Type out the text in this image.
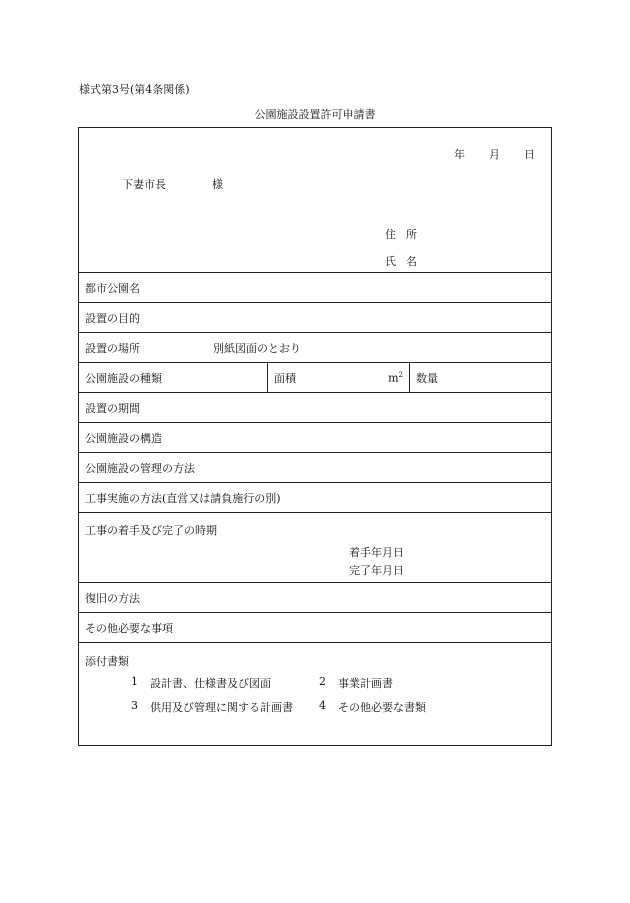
様式第3号(第4条関係)
公園施設設置許可申請書
年 月 日
下妻市長	様
住所
氏名
都市公園名
設置の目的
設置の場所	別紙図面のとおり
公園施設の種類	面積	$m^2$ 数量
設置の期間
公園施設の構造
公園施設の管理の方法
工事実施の方法(直営又は請負施行の別)
工事の着手及び完了の時期
着手年月日
完了年月日
復旧の方法
その他必要な事項
添付書類
1 設計書、仕様書及び図面	2 事業計画書
3 供用及び管理に関する計画書 4 その他必要な書類
